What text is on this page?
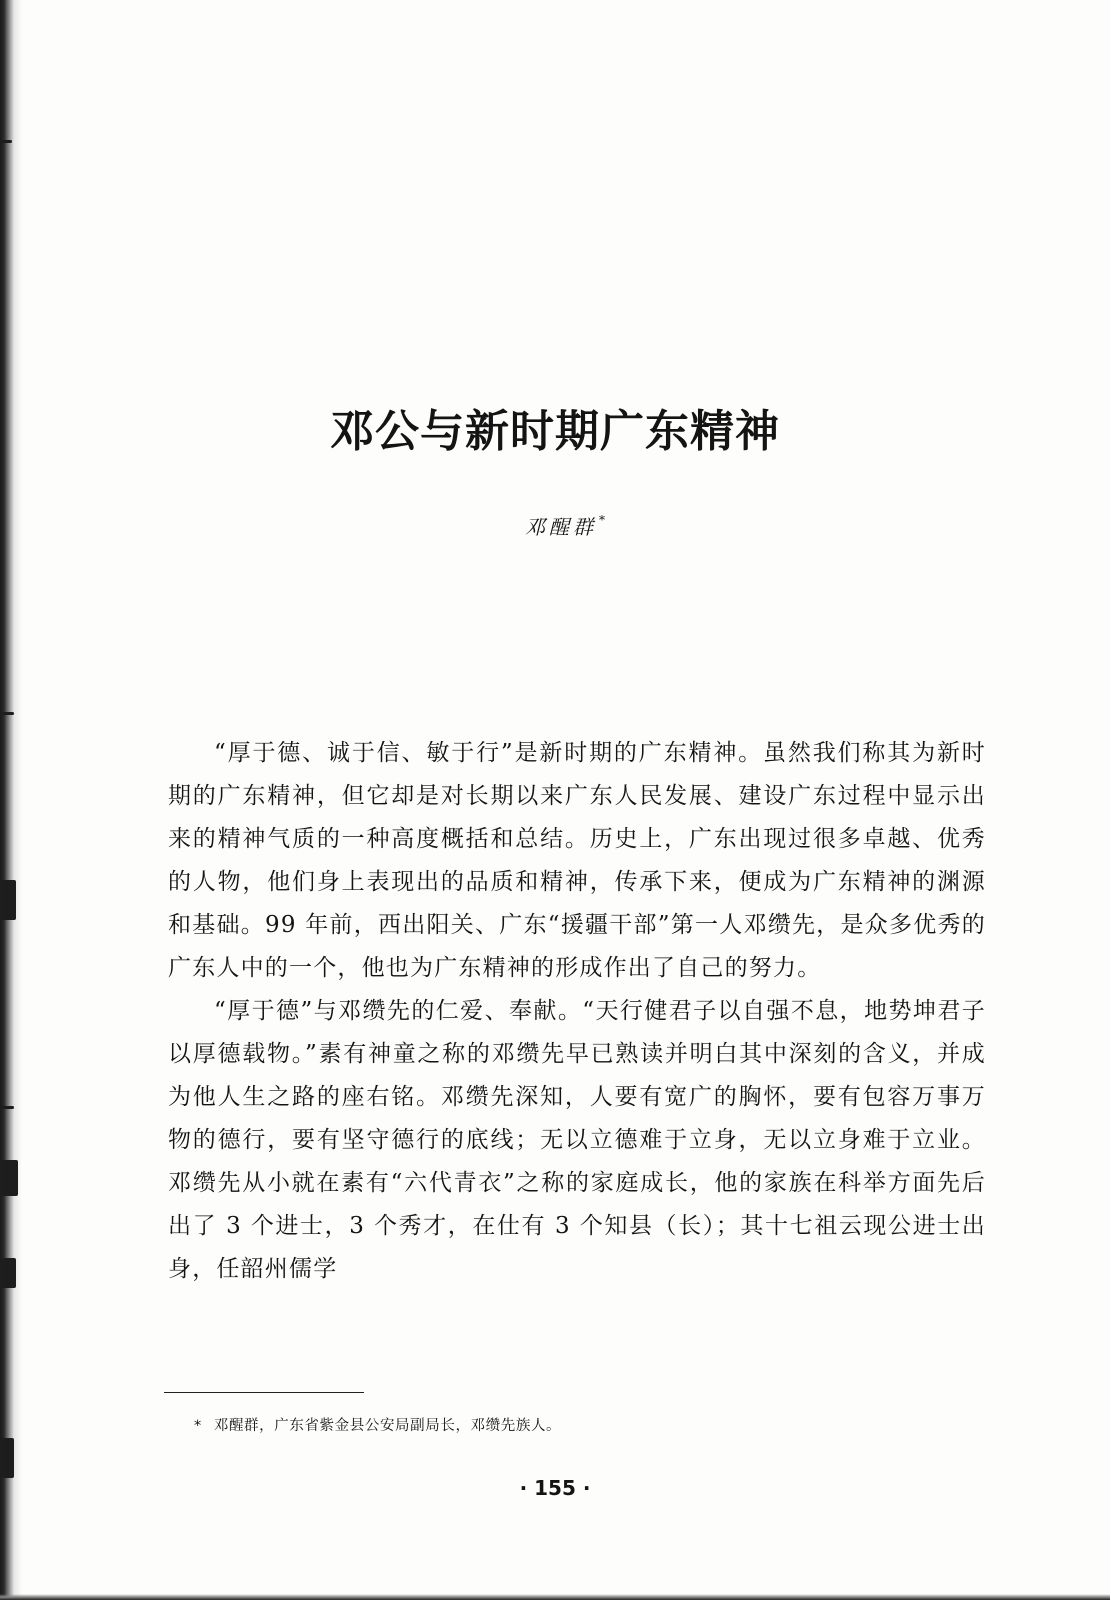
邓公与新时期广东精神
邓醒群 *

“厚于德、诚于信、敏于行”是新时期的广东精神。虽然我们称其为新时期的广东精神，但它却是对长期以来广东人民发展、建设广东过程中显示出来的精神气质的一种高度概括和总结。历史上，广东出现过很多卓越、优秀的人物，他们身上表现出的品质和精神，传承下来，便成为广东精神的渊源和基础。99 年前，西出阳关、广东“援疆干部”第一人邓缵先，是众多优秀的广东人中的一个，他也为广东精神的形成作出了自己的努力。

“厚于德”与邓缵先的仁爱、奉献。“天行健君子以自强不息，地势坤君子以厚德载物。”素有神童之称的邓缵先早已熟读并明白其中深刻的含义，并成为他人生之路的座右铭。邓缵先深知，人要有宽广的胸怀，要有包容万事万物的德行，要有坚守德行的底线；无以立德难于立身，无以立身难于立业。邓缵先从小就在素有“六代青衣”之称的家庭成长，他的家族在科举方面先后出了 3 个进士，3 个秀才，在仕有 3 个知县（长）；其十七祖云现公进士出身，任韶州儒学

* 邓醒群，广东省紫金县公安局副局长，邓缵先族人。
· 155 ·
